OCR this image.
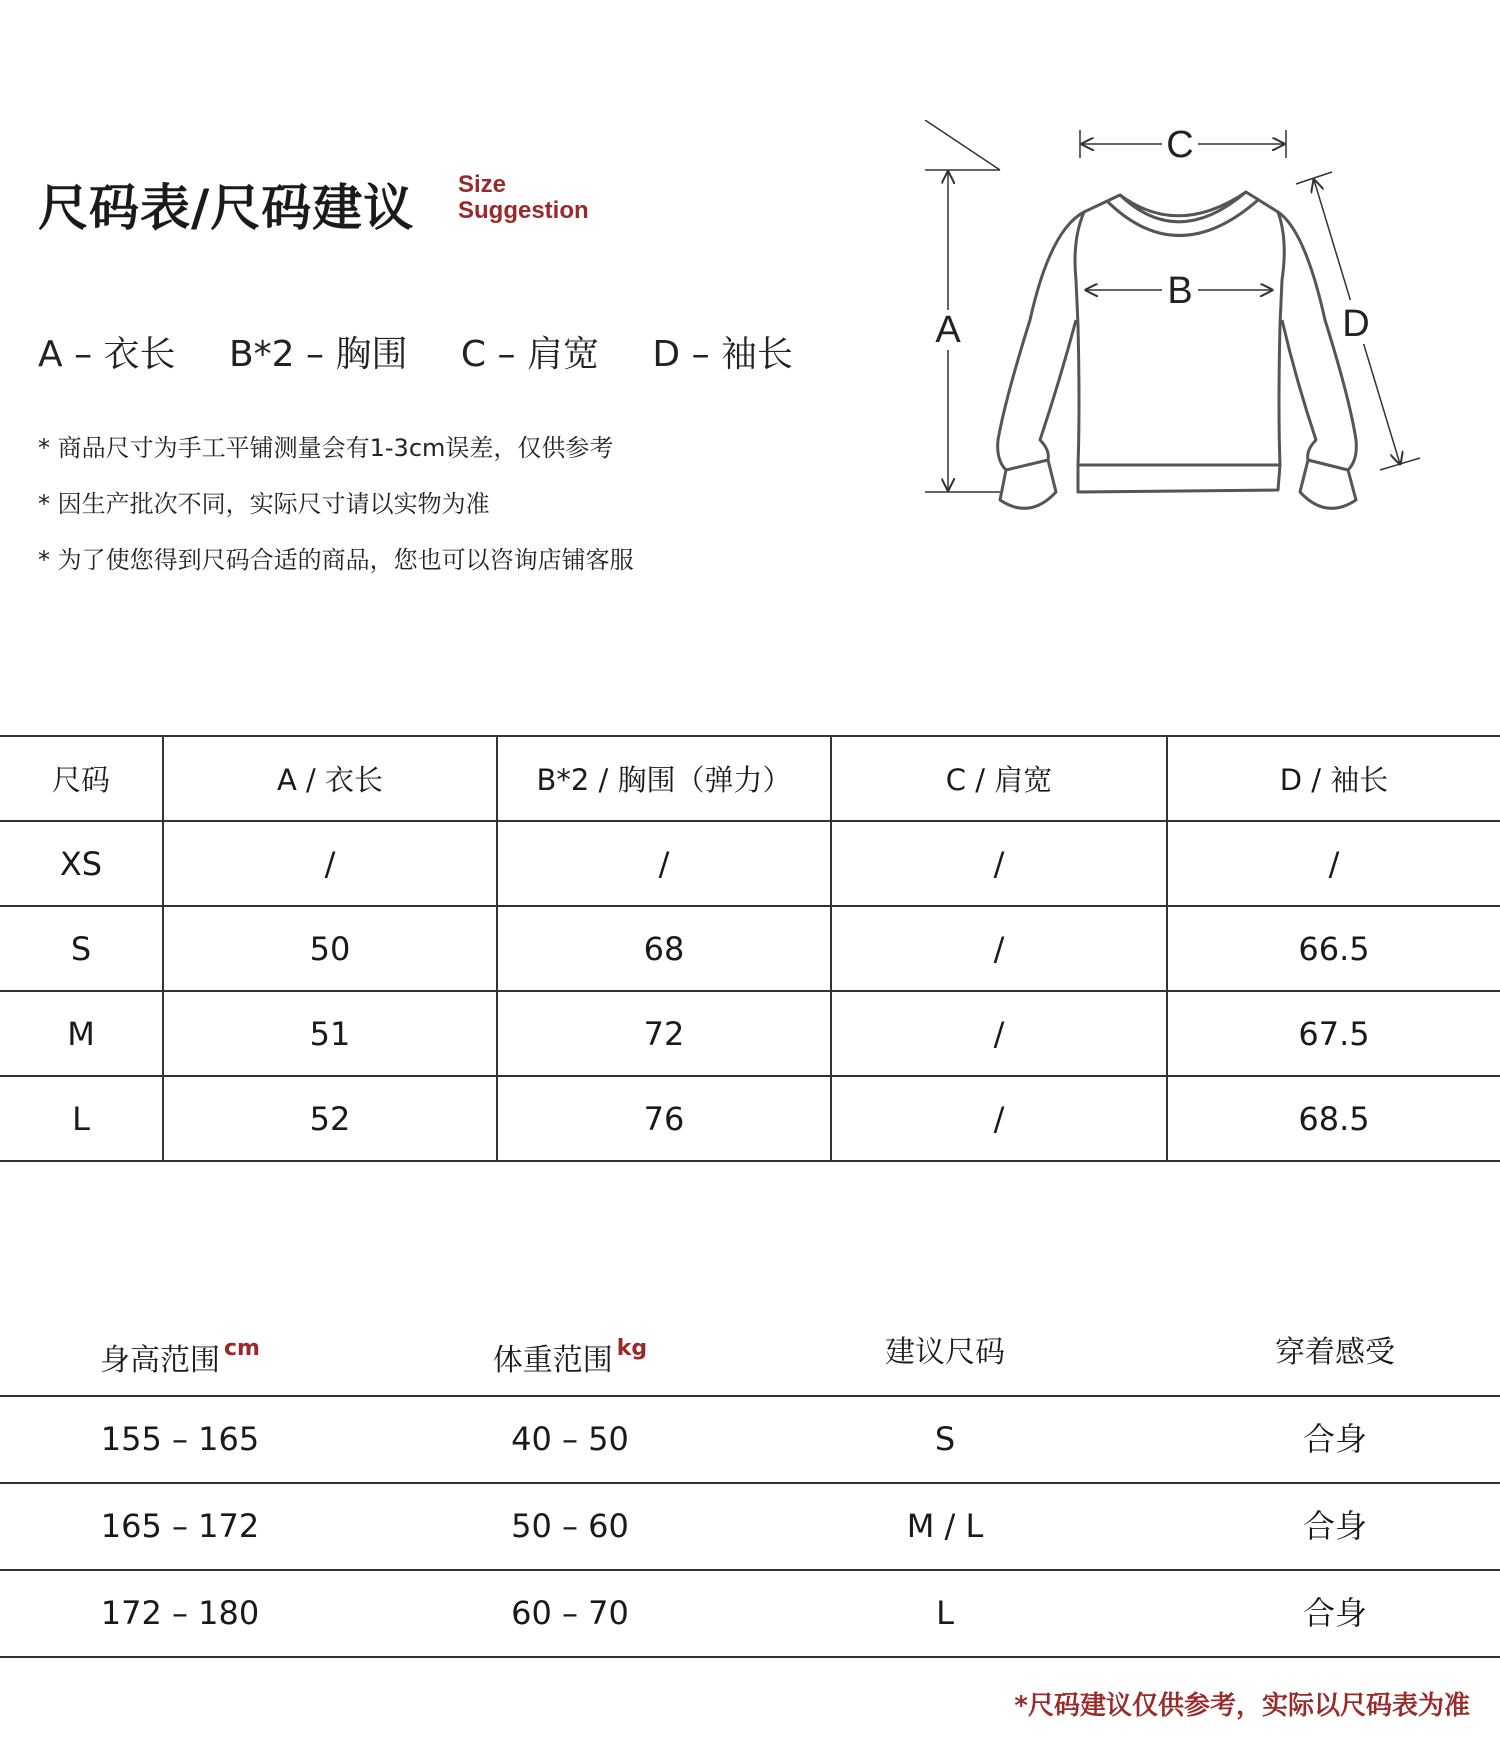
尺码表/尺码建议 Size
Suggestion
A – 衣长 B*2 – 胸围 C – 肩宽 D – 袖长
* 商品尺寸为手工平铺测量会有1-3cm误差，仅供参考
* 因生产批次不同，实际尺寸请以实物为准
* 为了使您得到尺码合适的商品，您也可以咨询店铺客服
A
B
C
D
尺码	A / 衣长	B*2 / 胸围（弹力）	C / 肩宽	D / 袖长
XS	/	/	/	/
S	50	68	/	66.5
M	51	72	/	67.5
L	52	76	/	68.5
身高范围 $^{cm}$	体重范围 $^{kg}$	建议尺码	穿着感受
155 – 165	40 – 50	S	合身
165 – 172	50 – 60	M / L	合身
172 – 180	60 – 70	L	合身
*尺码建议仅供参考，实际以尺码表为准
